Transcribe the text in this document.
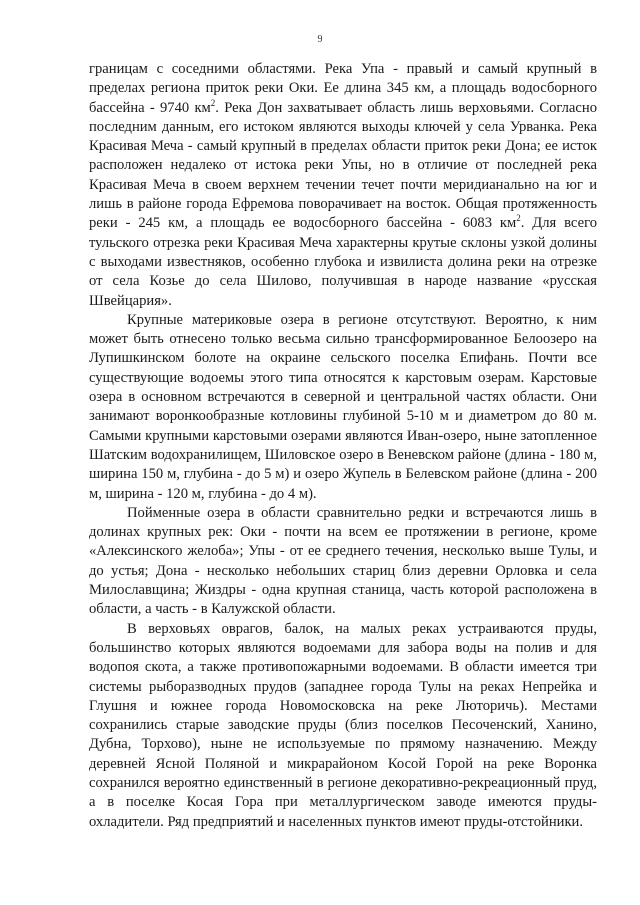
9

границам с соседними областями. Река Упа - правый и самый крупный в пределах региона приток реки Оки. Ее длина 345 км, а площадь водосборного бассейна - 9740 $км^2$. Река Дон захватывает область лишь верховьями. Согласно последним данным, его истоком являются выходы ключей у села Урванка. Река Красивая Меча - самый крупный в пределах области приток реки Дона; ее исток расположен недалеко от истока реки Упы, но в отличие от последней река Красивая Меча в своем верхнем течении течет почти меридианально на юг и лишь в районе города Ефремова поворачивает на восток. Общая протяженность реки - 245 км, а площадь ее водосборного бассейна - 6083 $км^2$. Для всего тульского отрезка реки Красивая Меча характерны крутые склоны узкой долины с выходами известняков, особенно глубока и извилиста долина реки на отрезке от села Козье до села Шилово, получившая в народе название «русская Швейцария».

Крупные материковые озера в регионе отсутствуют. Вероятно, к ним может быть отнесено только весьма сильно трансформированное Белоозеро на Лупишкинском болоте на окраине сельского поселка Епифань. Почти все существующие водоемы этого типа относятся к карстовым озерам. Карстовые озера в основном встречаются в северной и центральной частях области. Они занимают воронкообразные котловины глубиной 5-10 м и диаметром до 80 м. Самыми крупными карстовыми озерами являются Иван-озеро, ныне затопленное Шатским водохранилищем, Шиловское озеро в Веневском районе (длина - 180 м, ширина 150 м, глубина - до 5 м) и озеро Жупель в Белевском районе (длина - 200 м, ширина - 120 м, глубина - до 4 м).

Пойменные озера в области сравнительно редки и встречаются лишь в долинах крупных рек: Оки - почти на всем ее протяжении в регионе, кроме «Алексинского желоба»; Упы - от ее среднего течения, несколько выше Тулы, и до устья; Дона - несколько небольших стариц близ деревни Орловка и села Милославщина; Жиздры - одна крупная станица, часть которой расположена в области, а часть - в Калужской области.

В верховьях оврагов, балок, на малых реках устраиваются пруды, большинство которых являются водоемами для забора воды на полив и для водопоя скота, а также противопожарными водоемами. В области имеется три системы рыборазводных прудов (западнее города Тулы на реках Непрейка и Глушня и южнее города Новомосковска на реке Лютоpичь). Местами сохранились старые заводские пруды (близ поселков Песоченский, Ханино, Дубна, Торхово), ныне не используемые по прямому назначению. Между деревней Ясной Поляной и микрарайоном Косой Горой на реке Воронка сохранился вероятно единственный в регионе декоративно-рекреационный пруд, а в поселке Косая Гора при металлургическом заводе имеются пруды-охладители. Ряд предприятий и населенных пунктов имеют пруды-отстойники.
